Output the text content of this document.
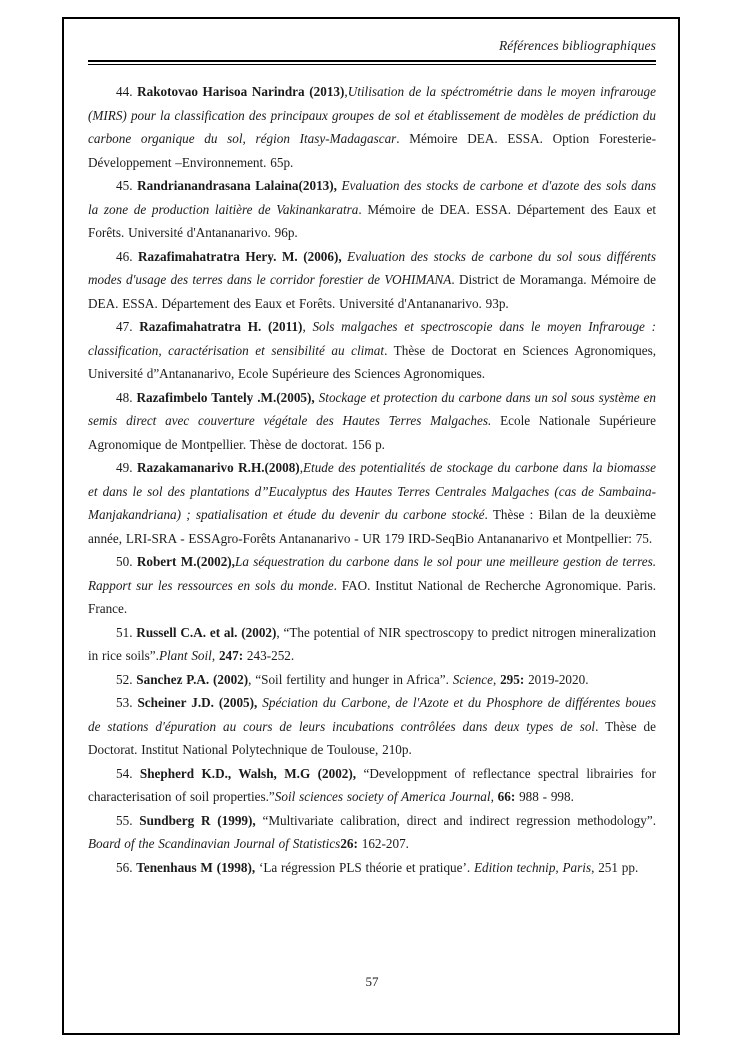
Références bibliographiques

44. Rakotovao Harisoa Narindra (2013),Utilisation de la spéctrométrie dans le moyen infrarouge (MIRS) pour la classification des principaux groupes de sol et établissement de modèles de prédiction du carbone organique du sol, région Itasy-Madagascar. Mémoire DEA. ESSA. Option Foresterie- Développement –Environnement. 65p.

45. Randrianandrasana Lalaina(2013), Evaluation des stocks de carbone et d'azote des sols dans la zone de production laitière de Vakinankaratra. Mémoire de DEA. ESSA. Département des Eaux et Forêts. Université d'Antananarivo. 96p.

46. Razafimahatratra Hery. M. (2006), Evaluation des stocks de carbone du sol sous différents modes d'usage des terres dans le corridor forestier de VOHIMANA. District de Moramanga. Mémoire de DEA. ESSA. Département des Eaux et Forêts. Université d'Antananarivo. 93p.

47. Razafimahatratra H. (2011), Sols malgaches et spectroscopie dans le moyen Infrarouge : classification, caractérisation et sensibilité au climat. Thèse de Doctorat en Sciences Agronomiques, Université d”Antananarivo, Ecole Supérieure des Sciences Agronomiques.

48. Razafimbelo Tantely .M.(2005), Stockage et protection du carbone dans un sol sous système en semis direct avec couverture végétale des Hautes Terres Malgaches. Ecole Nationale Supérieure Agronomique de Montpellier. Thèse de doctorat. 156 p.

49. Razakamanarivo R.H.(2008),Etude des potentialités de stockage du carbone dans la biomasse et dans le sol des plantations d”Eucalyptus des Hautes Terres Centrales Malgaches (cas de Sambaina-Manjakandriana) ; spatialisation et étude du devenir du carbone stocké. Thèse : Bilan de la deuxième année, LRI-SRA - ESSAgro-Forêts Antananarivo - UR 179 IRD-SeqBio Antananarivo et Montpellier: 75.

50. Robert M.(2002),La séquestration du carbone dans le sol pour une meilleure gestion de terres. Rapport sur les ressources en sols du monde. FAO. Institut National de Recherche Agronomique. Paris. France.

51. Russell C.A. et al. (2002), “The potential of NIR spectroscopy to predict nitrogen mineralization in rice soils”.Plant Soil, 247: 243-252.

52. Sanchez P.A. (2002), “Soil fertility and hunger in Africa”. Science, 295: 2019-2020.

53. Scheiner J.D. (2005), Spéciation du Carbone, de l'Azote et du Phosphore de différentes boues de stations d'épuration au cours de leurs incubations contrôlées dans deux types de sol. Thèse de Doctorat. Institut National Polytechnique de Toulouse, 210p.

54. Shepherd K.D., Walsh, M.G (2002), “Developpment of reflectance spectral librairies for characterisation of soil properties.”Soil sciences society of America Journal, 66: 988 - 998.

55. Sundberg R (1999), “Multivariate calibration, direct and indirect regression methodology”. Board of the Scandinavian Journal of Statistics26: 162-207.

56. Tenenhaus M (1998), ‘La régression PLS théorie et pratique’. Edition technip, Paris, 251 pp.

57
